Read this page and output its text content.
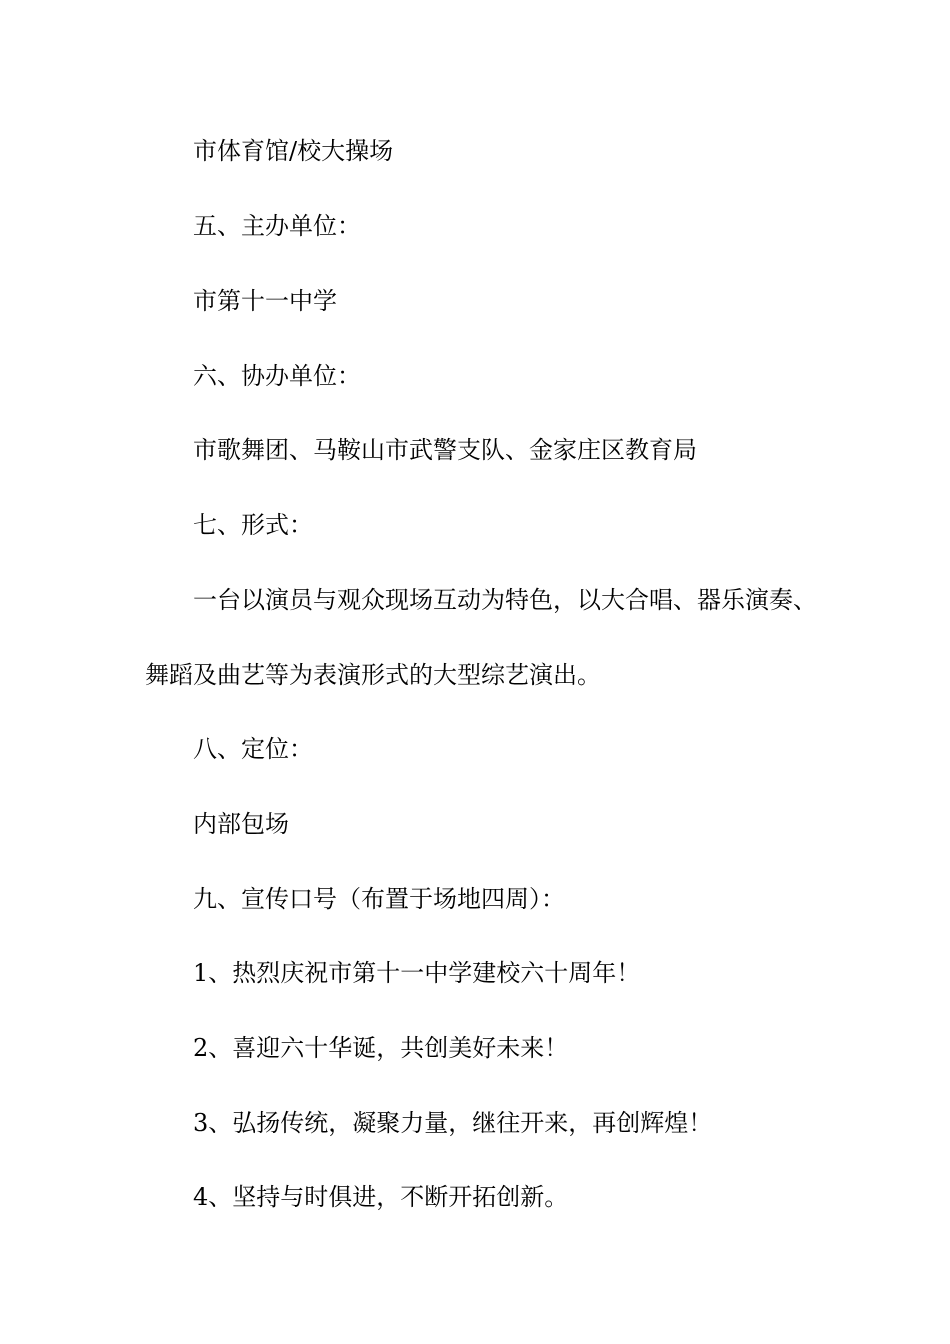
市体育馆/校大操场

五、主办单位：

市第十一中学

六、协办单位：

市歌舞团、马鞍山市武警支队、金家庄区教育局

七、形式：

一台以演员与观众现场互动为特色，以大合唱、器乐演奏、

舞蹈及曲艺等为表演形式的大型综艺演出。

八、定位：

内部包场

九、宣传口号（布置于场地四周）：

1、热烈庆祝市第十一中学建校六十周年！

2、喜迎六十华诞，共创美好未来！

3、弘扬传统，凝聚力量，继往开来，再创辉煌！

4、坚持与时俱进，不断开拓创新。
